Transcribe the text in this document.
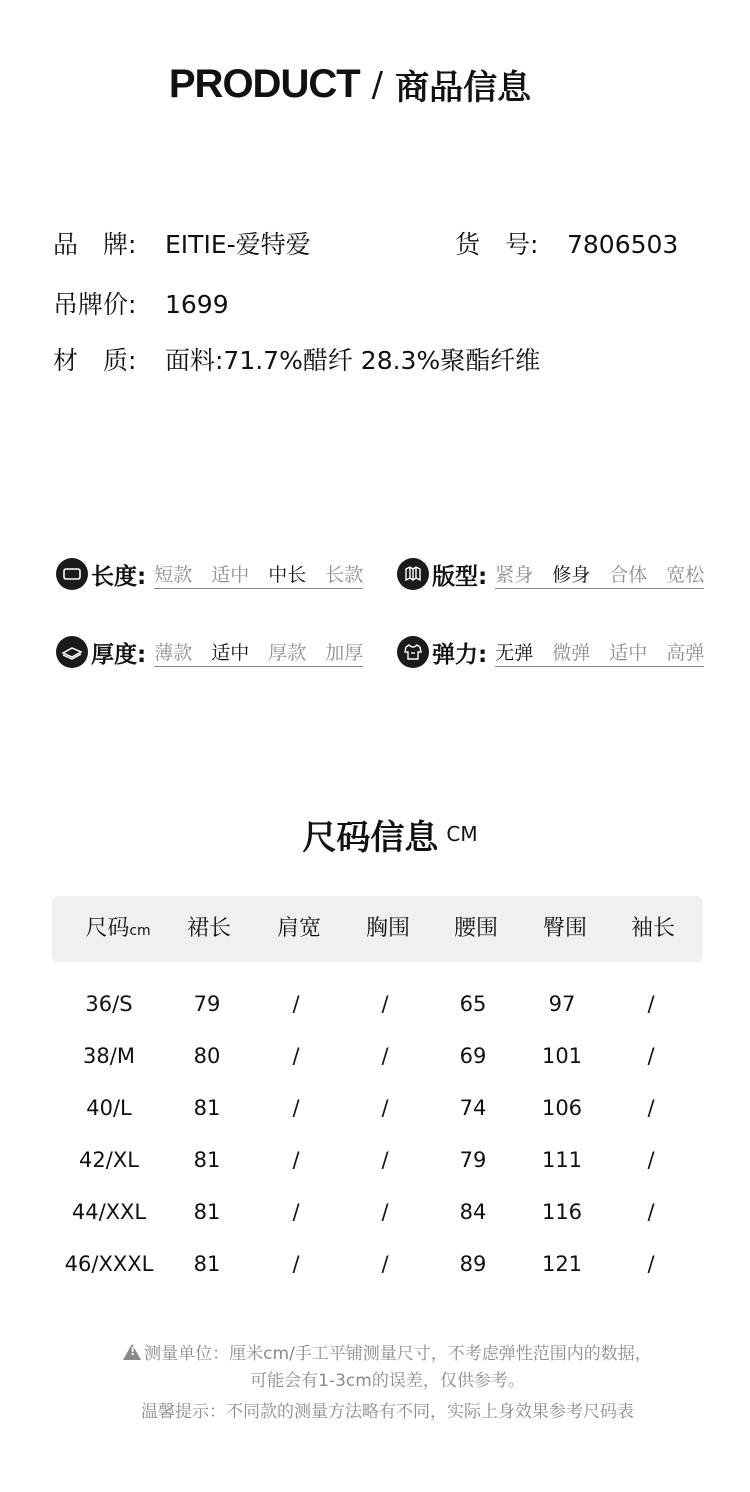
PRODUCT / 商品信息
品　牌: EITIE-爱特爱	货　号: 7806503
吊牌价: 1699
材　质: 面料:71.7%醋纤 28.3%聚酯纤维
长度: 短款 适中 中长 长款	版型: 紧身 修身 合体 宽松
厚度: 薄款 适中 厚款 加厚	弹力: 无弹 微弹 适中 高弹
尺码信息 CM
尺码cm 裙长 肩宽 胸围 腰围 臀围 袖长
36/S	79	/	/	65	97	/
38/M	80	/	/	69	101	/
40/L	81	/	/	74	106	/
42/XL	81	/	/	79	111	/
44/XXL 81	/	/	84	116	/
46/XXXL 81	/	/	89	121	/
!测量单位：厘米cm/手工平铺测量尺寸，不考虑弹性范围内的数据，
可能会有1-3cm的误差，仅供参考。
温馨提示：不同款的测量方法略有不同，实际上身效果参考尺码表
